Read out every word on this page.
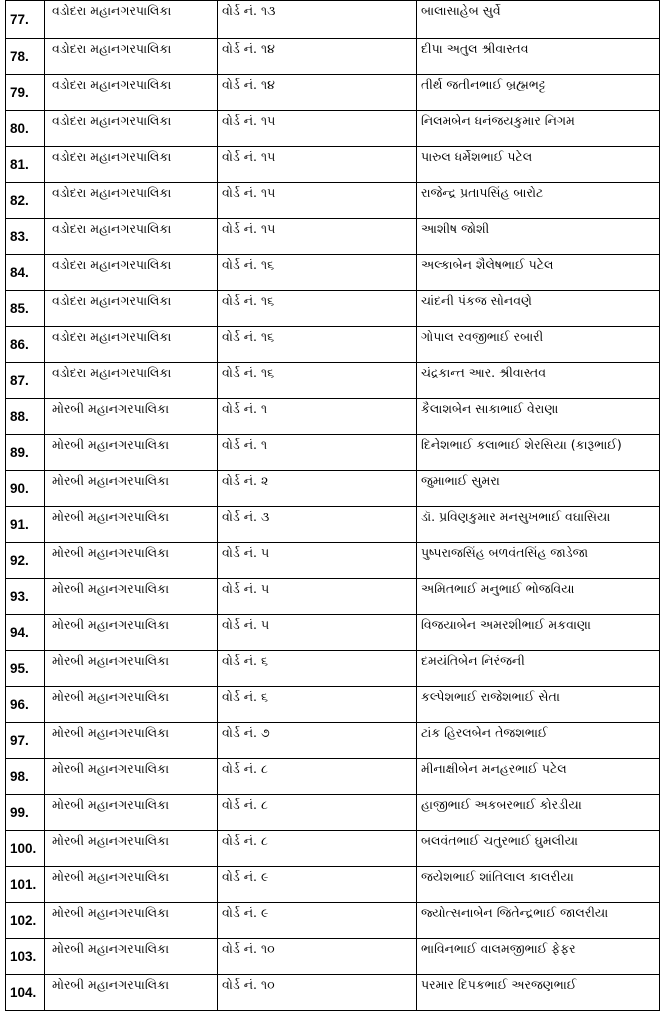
77.	વડોદરા મહાનગરપાલિકા	વોર્ડ નં. ૧૩	બાલાસાહેબ સુર્વે
78.	વડોદરા મહાનગરપાલિકા	વોર્ડ નં. ૧૪	દીપા અતુલ શ્રીવાસ્તવ
79.	વડોદરા મહાનગરપાલિકા	વોર્ડ નં. ૧૪	તીર્થ જતીનભાઈ બ્રહ્મભટ્ટ
80.	વડોદરા મહાનગરપાલિકા	વોર્ડ નં. ૧૫	નિલમબેન ધનંજયકુમાર નિગમ
81.	વડોદરા મહાનગરપાલિકા	વોર્ડ નં. ૧૫	પારુલ ધર્મેશભાઈ પટેલ
82.	વડોદરા મહાનગરપાલિકા	વોર્ડ નં. ૧૫	રાજેન્દ્ર પ્રતાપસિંહ બારોટ
83.	વડોદરા મહાનગરપાલિકા	વોર્ડ નં. ૧૫	આશીષ જોશી
84.	વડોદરા મહાનગરપાલિકા	વોર્ડ નં. ૧૬	અલ્કાબેન શૈલેષભાઈ પટેલ
85.	વડોદરા મહાનગરપાલિકા	વોર્ડ નં. ૧૬	ચાંદની પંકજ સોનવણે
86.	વડોદરા મહાનગરપાલિકા	વોર્ડ નં. ૧૬	ગોપાલ રવજીભાઈ રબારી
87.	વડોદરા મહાનગરપાલિકા	વોર્ડ નં. ૧૬	ચંદ્રકાન્ત આર. શ્રીવાસ્તવ
88.	મોરબી મહાનગરપાલિકા	વોર્ડ નં. ૧	કૈલાશબેન સાકાભાઈ વેરાણા
89.	મોરબી મહાનગરપાલિકા	વોર્ડ નં. ૧	દિનેશભાઈ કલાભાઈ શેરસિયા (કારૂભાઈ)
90.	મોરબી મહાનગરપાલિકા	વોર્ડ નં. ૨	જુમાભાઈ સુમરા
91.	મોરબી મહાનગરપાલિકા	વોર્ડ નં. ૩	ડૉ. પ્રવિણકુમાર મનસુખભાઈ વઘાસિયા
92.	મોરબી મહાનગરપાલિકા	વોર્ડ નં. ૫	પુષ્પરાજસિંહ બળવંતસિંહ જાડેજા
93.	મોરબી મહાનગરપાલિકા	વોર્ડ નં. ૫	અમિતભાઈ મનુભાઈ ભોજવિયા
94.	મોરબી મહાનગરપાલિકા	વોર્ડ નં. ૫	વિજયાબેન અમરશીભાઈ મકવાણા
95.	મોરબી મહાનગરપાલિકા	વોર્ડ નં. ૬	દમયંતિબેન નિરંજની
96.	મોરબી મહાનગરપાલિકા	વોર્ડ નં. ૬	કલ્પેશભાઈ રાજેશભાઈ સેતા
97.	મોરબી મહાનગરપાલિકા	વોર્ડ નં. ૭	ટાંક હિરલબેન તેજશભાઈ
98.	મોરબી મહાનગરપાલિકા	વોર્ડ નં. ૮	મીનાક્ષીબેન મનહરભાઈ પટેલ
99.	મોરબી મહાનગરપાલિકા	વોર્ડ નં. ૮	હાજીભાઈ અકબરભાઈ કોરડીયા
100.	મોરબી મહાનગરપાલિકા	વોર્ડ નં. ૮	બલવંતભાઈ ચતુરભાઈ ઘુમલીયા
101.	મોરબી મહાનગરપાલિકા	વોર્ડ નં. ૯	જયેશભાઈ શાંતિલાલ કાલરીયા
102.	મોરબી મહાનગરપાલિકા	વોર્ડ નં. ૯	જ્યોત્સનાબેન જિતેન્દ્રભાઈ જાલરીયા
103.	મોરબી મહાનગરપાલિકા	વોર્ડ નં. ૧૦	ભાવિનભાઈ વાલમજીભાઈ ફેફર
104.	મોરબી મહાનગરપાલિકા	વોર્ડ નં. ૧૦	પરમાર દિપકભાઈ અરજણભાઈ
